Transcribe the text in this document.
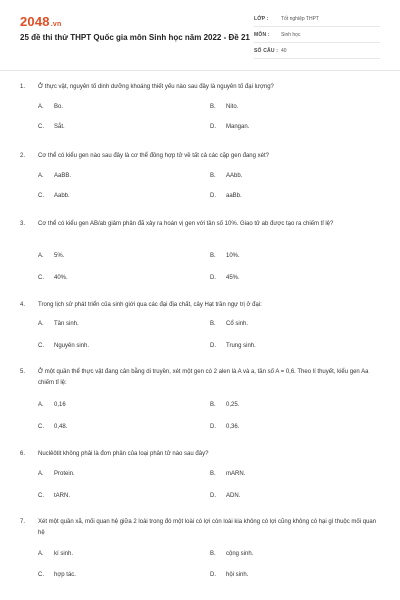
2048.vn
25 đề thi thử THPT Quốc gia môn Sinh học năm 2022 - Đề 21
LỚP :	Tốt nghiệp THPT
MÔN :	Sinh học
SỐ CÂU : 40
1.	Ở thực vật, nguyên tố dinh dưỡng khoáng thiết yếu nào sau đây là nguyên tố đại lượng?
A.	Bo.	B.	Nito.
C.	Sắt.	D.	Mangan.
2.	Cơ thể có kiểu gen nào sau đây là cơ thể đồng hợp tử về tất cả các cặp gen đang xét?
A.	AaBB.	B.	AAbb.
C.	Aabb.	D.	aaBb.
3.	Cơ thể có kiểu gen AB/ab giảm phân đã xảy ra hoán vị gen với tần số 10%. Giao tử ab được tạo ra chiếm tỉ lệ?
A.	5%.	B.	10%.
C.	40%.	D.	45%.
4.	Trong lịch sử phát triển của sinh giới qua các đại địa chất, cây Hạt trần ngự trị ở đại:
A.	Tân sinh.	B.	Cổ sinh.
C.	Nguyên sinh.	D.	Trung sinh.
5.	Ở một quần thể thực vật đang cân bằng di truyền, xét một gen có 2 alen là A và a, tần số A = 0,6. Theo lí thuyết, kiểu gen Aa chiếm tỉ lệ:
A.	0,16	B.	0,25.
C.	0,48.	D.	0,36.
6.	Nuclêôtit không phải là đơn phân của loại phân tử nào sau đây?
A.	Protein.	B.	mARN.
C.	tARN.	D.	ADN.
7.	Xét một quần xã, mối quan hệ giữa 2 loài trong đó một loài có lợi còn loài kia không có lợi cũng không có hại gì thuộc mối quan hệ
A.	kí sinh.	B.	cộng sinh.
C.	hợp tác.	D.	hội sinh.
